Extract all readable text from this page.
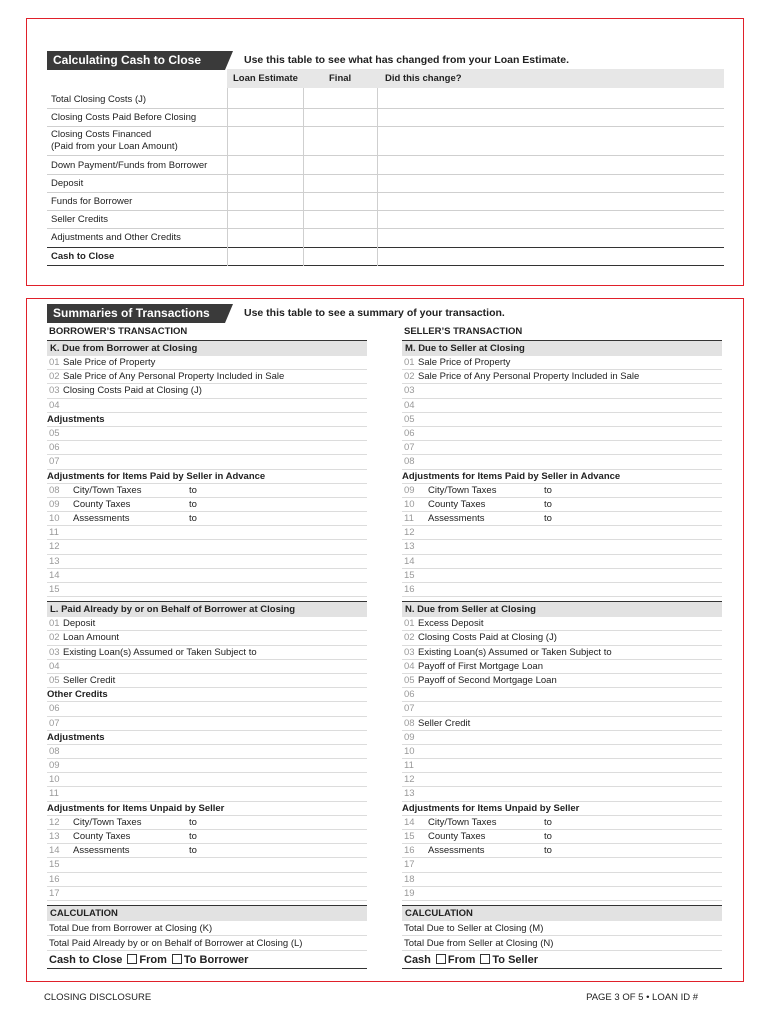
Calculating Cash to Close	Use this table to see what has changed from your Loan Estimate.
Loan Estimate	Final	Did this change?
Total Closing Costs (J)
Closing Costs Paid Before Closing
Closing Costs Financed
(Paid from your Loan Amount)
Down Payment/Funds from Borrower
Deposit
Funds for Borrower
Seller Credits
Adjustments and Other Credits
Cash to Close
Summaries of Transactions	Use this table to see a summary of your transaction.
BORROWER’S TRANSACTION
K. Due from Borrower at Closing
01 Sale Price of Property
02 Sale Price of Any Personal Property Included in Sale
03 Closing Costs Paid at Closing (J)
04
Adjustments
05
06
07
Adjustments for Items Paid by Seller in Advance
08 City/Town Taxes	to
09 County Taxes	to
10 Assessments	to
11
12
13
14
15
L. Paid Already by or on Behalf of Borrower at Closing
01 Deposit
02 Loan Amount
03 Existing Loan(s) Assumed or Taken Subject to
04
05 Seller Credit
Other Credits
06
07
Adjustments
08
09
10
11
Adjustments for Items Unpaid by Seller
12 City/Town Taxes	to
13 County Taxes	to
14 Assessments	to
15
16
17
CALCULATION
Total Due from Borrower at Closing (K)
Total Paid Already by or on Behalf of Borrower at Closing (L)
Cash to Close From To Borrower
SELLER’S TRANSACTION
M. Due to Seller at Closing
01 Sale Price of Property
02 Sale Price of Any Personal Property Included in Sale
03
04
05
06
07
08
Adjustments for Items Paid by Seller in Advance
09 City/Town Taxes	to
10 County Taxes	to
11 Assessments	to
12
13
14
15
16
N. Due from Seller at Closing
01 Excess Deposit
02 Closing Costs Paid at Closing (J)
03 Existing Loan(s) Assumed or Taken Subject to
04 Payoff of First Mortgage Loan
05 Payoff of Second Mortgage Loan
06
07
08 Seller Credit
09
10
11
12
13
Adjustments for Items Unpaid by Seller
14 City/Town Taxes	to
15 County Taxes	to
16 Assessments	to
17
18
19
CALCULATION
Total Due to Seller at Closing (M)
Total Due from Seller at Closing (N)
Cash From To Seller
CLOSING DISCLOSURE	PAGE 3 OF 5 • LOAN ID #
